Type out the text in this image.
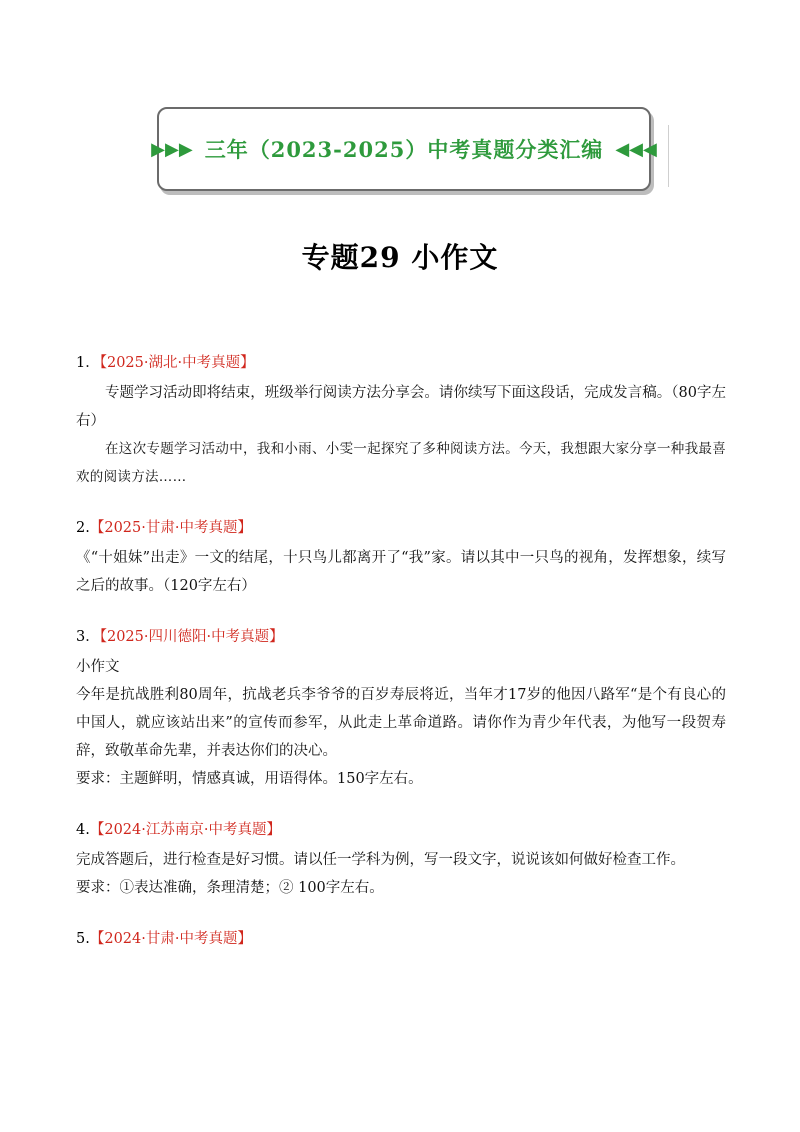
▶▶▶ 三年（2023-2025）中考真题分类汇编 ◀◀◀
专题29 小作文
1．【2025·湖北·中考真题】

专题学习活动即将结束，班级举行阅读方法分享会。请你续写下面这段话，完成发言稿。（80字左右）

在这次专题学习活动中，我和小雨、小雯一起探究了多种阅读方法。今天，我想跟大家分享一种我最喜欢的阅读方法……

2.【2025·甘肃·中考真题】

《“十姐妹”出走》一文的结尾，十只鸟儿都离开了“我”家。请以其中一只鸟的视角，发挥想象，续写之后的故事。（120字左右）

3．【2025·四川德阳·中考真题】

小作文

今年是抗战胜利80周年，抗战老兵李爷爷的百岁寿辰将近，当年才17岁的他因八路军“是个有良心的中国人，就应该站出来”的宣传而参军，从此走上革命道路。请你作为青少年代表，为他写一段贺寿辞，致敬革命先辈，并表达你们的决心。

要求：主题鲜明，情感真诚，用语得体。150字左右。

4.【2024·江苏南京·中考真题】

完成答题后，进行检查是好习惯。请以任一学科为例，写一段文字，说说该如何做好检查工作。

要求：①表达准确，条理清楚；② 100字左右。

5.【2024·甘肃·中考真题】
